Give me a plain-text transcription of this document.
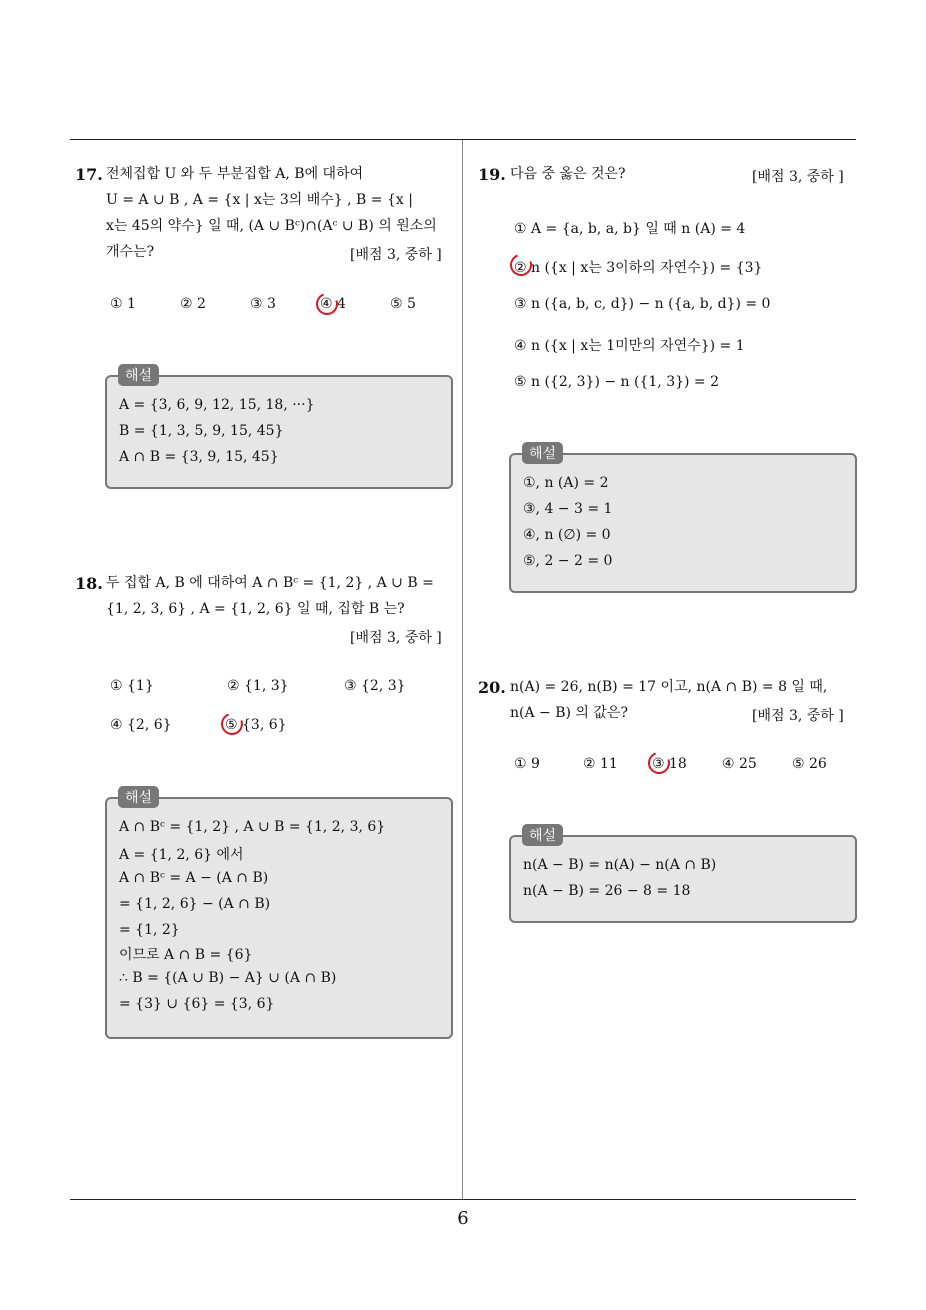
17. 전체집합 U 와 두 부분집합 A, B에 대하여
U = A ∪ B , A = {x | x는 3의 배수} , B = {x |
x는 45의 약수} 일 때, (A ∪ Bᶜ)∩(Aᶜ ∪ B) 의 원소의
개수는?	[배점 3, 중하 ]
① 1	② 2	③ 3	④ 4	⑤ 5
A = {3, 6, 9, 12, 15, 18, ···}
B = {1, 3, 5, 9, 15, 45}
A ∩ B = {3, 9, 15, 45}
해설
18. 두 집합 A, B 에 대하여 A ∩ Bᶜ = {1, 2} , A ∪ B =
{1, 2, 3, 6} , A = {1, 2, 6} 일 때, 집합 B 는?
[배점 3, 중하 ]
① {1}	② {1, 3}	③ {2, 3}
④ {2, 6}	⑤ {3, 6}
A ∩ Bᶜ = {1, 2} , A ∪ B = {1, 2, 3, 6}
A = {1, 2, 6} 에서
A ∩ Bᶜ = A − (A ∩ B)
= {1, 2, 6} − (A ∩ B)
= {1, 2}
이므로 A ∩ B = {6}
∴ B = {(A ∪ B) − A} ∪ (A ∩ B)
= {3} ∪ {6} = {3, 6}
해설
19. 다음 중 옳은 것은?	[배점 3, 중하 ]
① A = {a, b, a, b} 일 때 n (A) = 4
② n ({x | x는 3이하의 자연수}) = {3}
③ n ({a, b, c, d}) − n ({a, b, d}) = 0
④ n ({x | x는 1미만의 자연수}) = 1
⑤ n ({2, 3}) − n ({1, 3}) = 2
①, n (A) = 2
③, 4 − 3 = 1
④, n (∅) = 0
⑤, 2 − 2 = 0
해설
20. n(A) = 26, n(B) = 17 이고, n(A ∩ B) = 8 일 때,
n(A − B) 의 값은?	[배점 3, 중하 ]
① 9	② 11 ③ 18	④ 25	⑤ 26
n(A − B) = n(A) − n(A ∩ B)
n(A − B) = 26 − 8 = 18
해설
6
